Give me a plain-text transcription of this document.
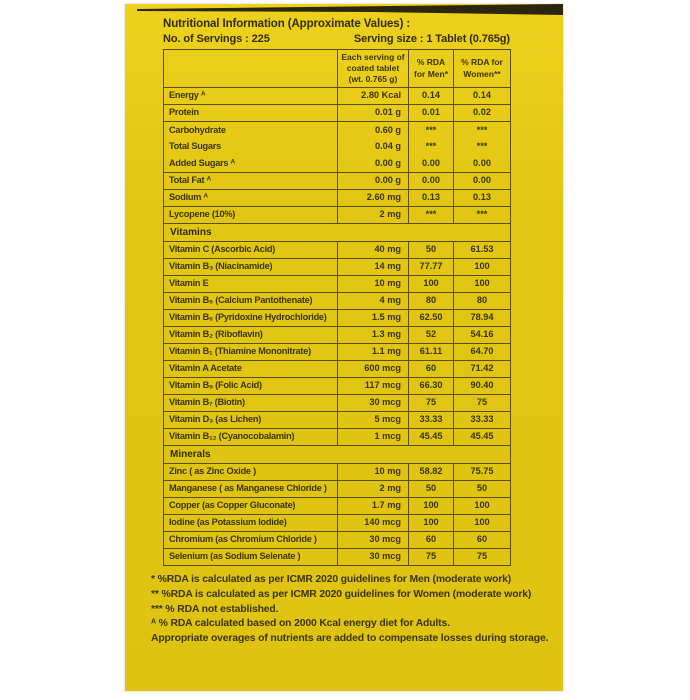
Nutritional Information (Approximate Values) :
No. of Servings : 225	Serving size : 1 Tablet (0.765g)
	Each serving of coated tablet (wt. 0.765 g)	% RDA for Men*	% RDA for Women**
Energy ᴬ	2.80 Kcal	0.14	0.14
Protein	0.01 g	0.01	0.02
Carbohydrate	0.60 g	***	***
Total Sugars	0.04 g	***	***
Added Sugars ᴬ	0.00 g	0.00	0.00
Total Fat ᴬ	0.00 g	0.00	0.00
Sodium ᴬ	2.60 mg	0.13	0.13
Lycopene (10%)	2 mg	***	***
Vitamins			
Vitamin C (Ascorbic Acid)	40 mg	50	61.53
Vitamin B₃ (Niacinamide)	14 mg	77.77	100
Vitamin E	10 mg	100	100
Vitamin B₅ (Calcium Pantothenate)	4 mg	80	80
Vitamin B₆ (Pyridoxine Hydrochloride)	1.5 mg	62.50	78.94
Vitamin B₂ (Riboflavin)	1.3 mg	52	54.16
Vitamin B₁ (Thiamine Mononitrate)	1.1 mg	61.11	64.70
Vitamin A Acetate	600 mcg	60	71.42
Vitamin B₉ (Folic Acid)	117 mcg	66.30	90.40
Vitamin B₇ (Biotin)	30 mcg	75	75
Vitamin D₃ (as Lichen)	5 mcg	33.33	33.33
Vitamin B₁₂ (Cyanocobalamin)	1 mcg	45.45	45.45
Minerals			
Zinc ( as Zinc Oxide )	10 mg	58.82	75.75
Manganese ( as Manganese Chloride )	2 mg	50	50
Copper (as Copper Gluconate)	1.7 mg	100	100
Iodine (as Potassium Iodide)	140 mcg	100	100
Chromium (as Chromium Chloride )	30 mcg	60	60
Selenium (as Sodium Selenate )	30 mcg	75	75
* %RDA is calculated as per ICMR 2020 guidelines for Men (moderate work)
** %RDA is calculated as per ICMR 2020 guidelines for Women (moderate work)
*** % RDA not established.
ᴬ % RDA calculated based on 2000 Kcal energy diet for Adults.
Appropriate overages of nutrients are added to compensate losses during storage.
